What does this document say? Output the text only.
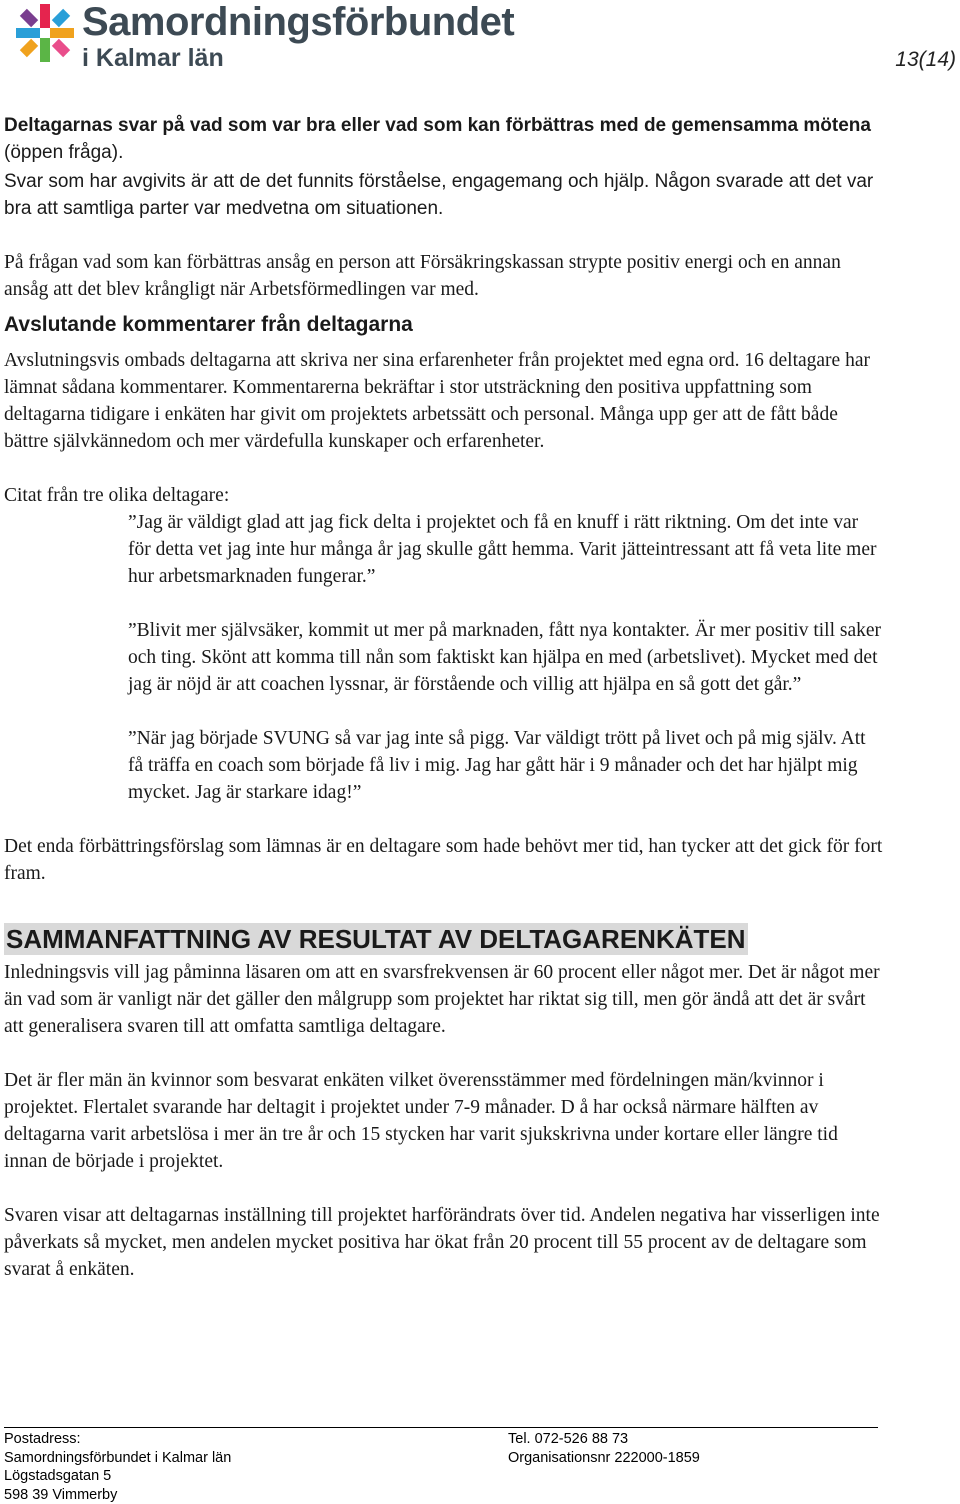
Samordningsförbundet
i Kalmar län	13(14)

Deltagarnas svar på vad som var bra eller vad som kan förbättras med de gemensamma mötena (öppen fråga).

Svar som har avgivits är att de det funnits förståelse, engagemang och hjälp. Någon svarade att det var bra att samtliga parter var medvetna om situationen.

På frågan vad som kan förbättras ansåg en person att Försäkringskassan strypte positiv energi och en annan ansåg att det blev krångligt när Arbetsförmedlingen var med.

Avslutande kommentarer från deltagarna

Avslutningsvis ombads deltagarna att skriva ner sina erfarenheter från projektet med egna ord. 16 deltagare har lämnat sådana kommentarer. Kommentarerna bekräftar i stor utsträckning den positiva uppfattning som deltagarna tidigare i enkäten har givit om projektets arbetssätt och personal. Många upp ger att de fått både bättre självkännedom och mer värdefulla kunskaper och erfarenheter.

Citat från tre olika deltagare:

”Jag är väldigt glad att jag fick delta i projektet och få en knuff i rätt riktning. Om det inte var för detta vet jag inte hur många år jag skulle gått hemma. Varit jätteintressant att få veta lite mer hur arbetsmarknaden fungerar.”

”Blivit mer självsäker, kommit ut mer på marknaden, fått nya kontakter. Är mer positiv till saker och ting. Skönt att komma till nån som faktiskt kan hjälpa en med (arbetslivet). Mycket med det jag är nöjd är att coachen lyssnar, är förstående och villig att hjälpa en så gott det går.”

”När jag började SVUNG så var jag inte så pigg. Var väldigt trött på livet och på mig själv. Att få träffa en coach som började få liv i mig. Jag har gått här i 9 månader och det har hjälpt mig mycket. Jag är starkare idag!”

Det enda förbättringsförslag som lämnas är en deltagare som hade behövt mer tid, han tycker att det gick för fort fram.

SAMMANFATTNING AV RESULTAT AV DELTAGARENKÄTEN

Inledningsvis vill jag påminna läsaren om att en svarsfrekvensen är 60 procent eller något mer. Det är något mer än vad som är vanligt när det gäller den målgrupp som projektet har riktat sig till, men gör ändå att det är svårt att generalisera svaren till att omfatta samtliga deltagare.

Det är fler män än kvinnor som besvarat enkäten vilket överensstämmer med fördelningen män/kvinnor i projektet. Flertalet svarande har deltagit i projektet under 7-9 månader. D å har också närmare hälften av deltagarna varit arbetslösa i mer än tre år och 15 stycken har varit sjukskrivna under kortare eller längre tid innan de började i projektet.

Svaren visar att deltagarnas inställning till projektet harförändrats över tid. Andelen negativa har visserligen inte påverkats så mycket, men andelen mycket positiva har ökat från 20 procent till 55 procent av de deltagare som svarat å enkäten.

Postadress:
Samordningsförbundet i Kalmar län
Lögstadsgatan 5
598 39 Vimmerby
Tel. 072-526 88 73
Organisationsnr 222000-1859
